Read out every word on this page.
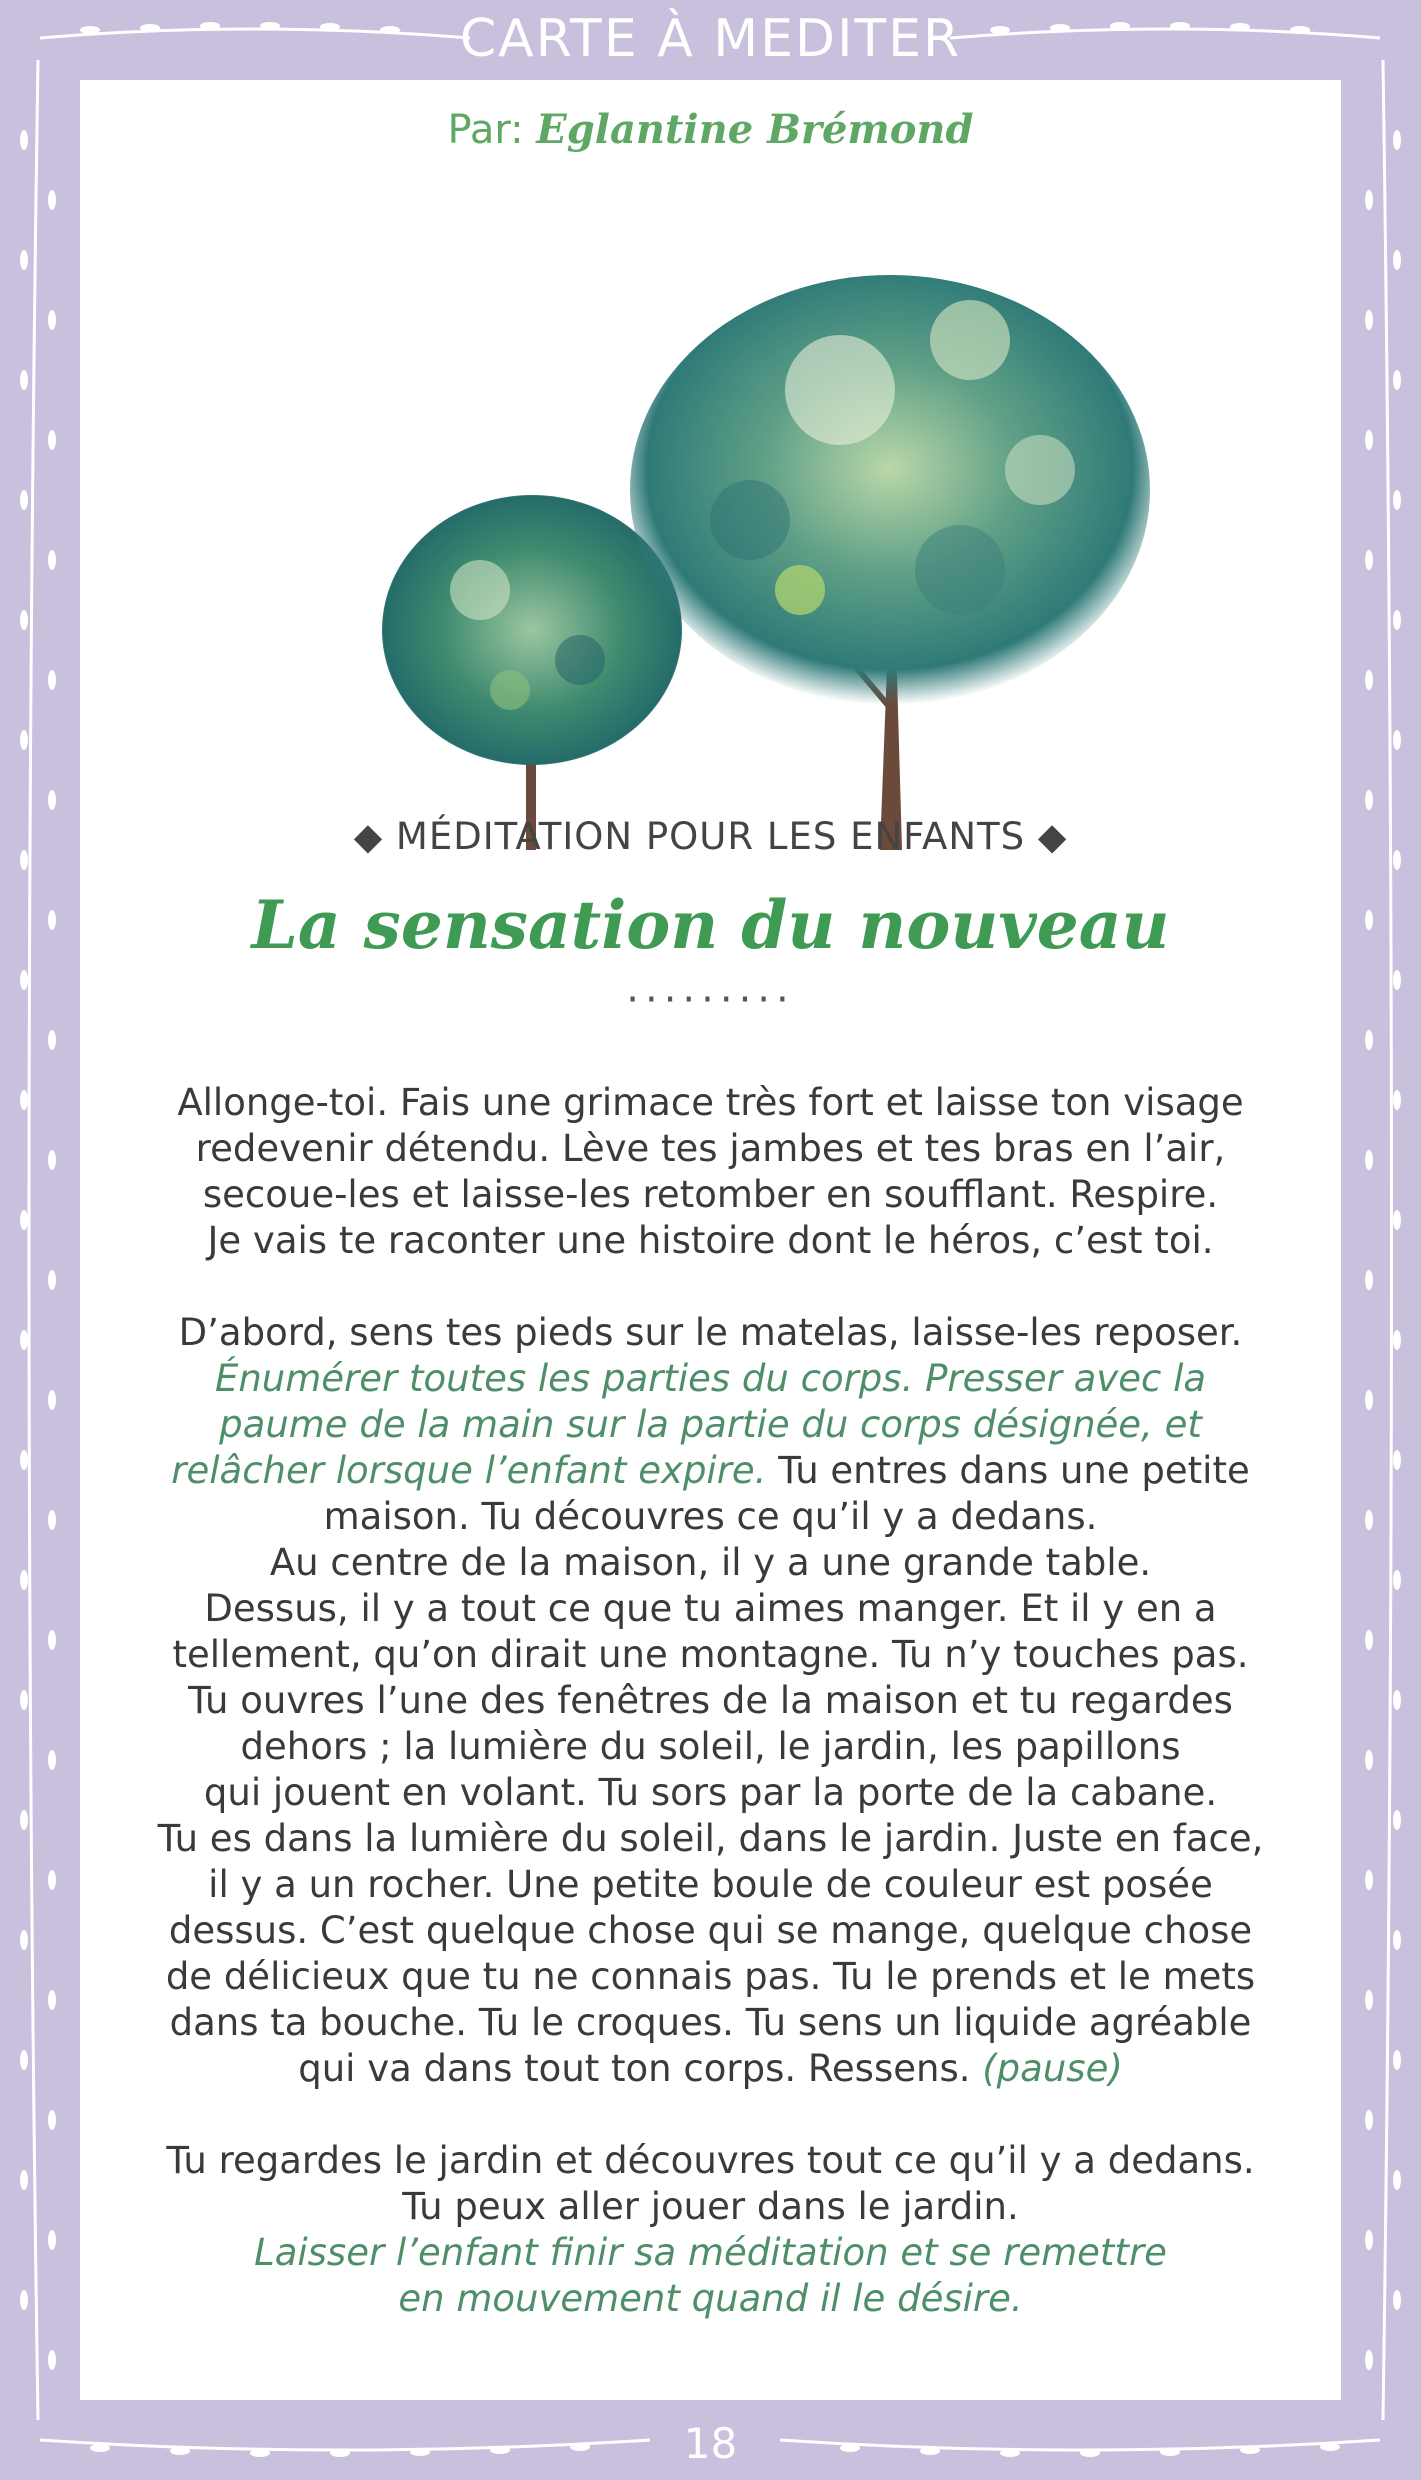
CARTE À MEDITER
Par: Eglantine Brémond
◆ MÉDITATION POUR LES ENFANTS ◆
La sensation du nouveau
·········

Allonge-toi. Fais une grimace très fort et laisse ton visage
redevenir détendu. Lève tes jambes et tes bras en l’air,
secoue-les et laisse-les retomber en soufflant. Respire.
Je vais te raconter une histoire dont le héros, c’est toi.

D’abord, sens tes pieds sur le matelas, laisse-les reposer.
Énumérer toutes les parties du corps. Presser avec la
paume de la main sur la partie du corps désignée, et
relâcher lorsque l’enfant expire. Tu entres dans une petite
maison. Tu découvres ce qu’il y a dedans.
Au centre de la maison, il y a une grande table.
Dessus, il y a tout ce que tu aimes manger. Et il y en a
tellement, qu’on dirait une montagne. Tu n’y touches pas.
Tu ouvres l’une des fenêtres de la maison et tu regardes
dehors ; la lumière du soleil, le jardin, les papillons
qui jouent en volant. Tu sors par la porte de la cabane.
Tu es dans la lumière du soleil, dans le jardin. Juste en face,
il y a un rocher. Une petite boule de couleur est posée
dessus. C’est quelque chose qui se mange, quelque chose
de délicieux que tu ne connais pas. Tu le prends et le mets
dans ta bouche. Tu le croques. Tu sens un liquide agréable
qui va dans tout ton corps. Ressens. (pause)

Tu regardes le jardin et découvres tout ce qu’il y a dedans.
Tu peux aller jouer dans le jardin.
Laisser l’enfant finir sa méditation et se remettre
en mouvement quand il le désire.

18
